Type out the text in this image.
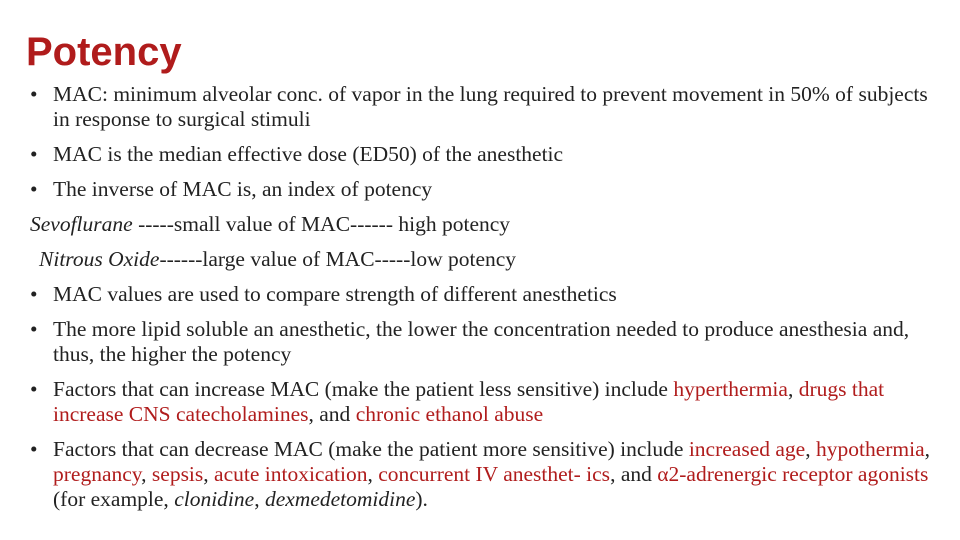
Potency

• MAC: minimum alveolar conc. of vapor in the lung required to prevent movement in 50% of subjects in response to surgical stimuli

• MAC is the median effective dose (ED50) of the anesthetic

• The inverse of MAC is, an index of potency

Sevoflurane -----small value of MAC------ high potency

Nitrous Oxide------large value of MAC-----low potency

• MAC values are used to compare strength of different anesthetics

• The more lipid soluble an anesthetic, the lower the concentration needed to produce anesthesia and, thus, the higher the potency

• Factors that can increase MAC (make the patient less sensitive) include hyperthermia, drugs that increase CNS catecholamines, and chronic ethanol abuse

• Factors that can decrease MAC (make the patient more sensitive) include increased age, hypothermia, pregnancy, sepsis, acute intoxication, concurrent IV anesthet- ics, and α2-adrenergic receptor agonists (for example, clonidine, dexmedetomidine).
